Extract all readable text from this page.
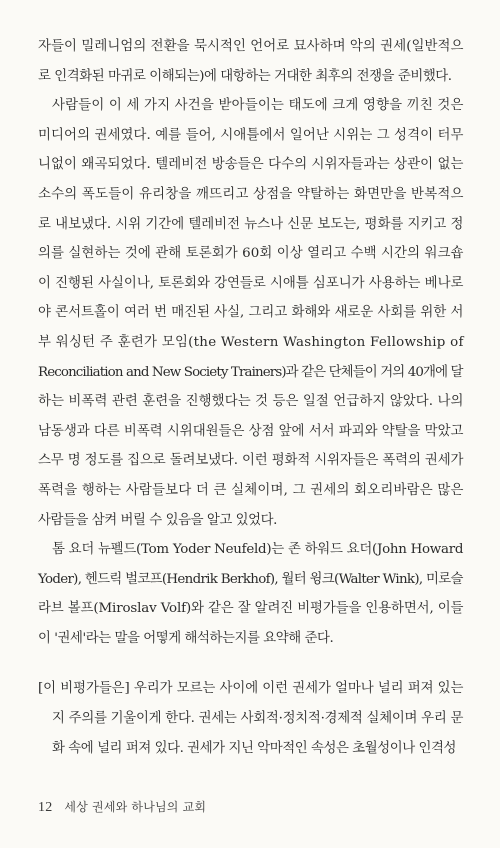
자들이 밀레니엄의 전환을 묵시적인 언어로 묘사하며 악의 권세(일반적으
로 인격화된 마귀로 이해되는)에 대항하는 거대한 최후의 전쟁을 준비했다.
사람들이 이 세 가지 사건을 받아들이는 태도에 크게 영향을 끼친 것은
미디어의 권세였다. 예를 들어, 시애틀에서 일어난 시위는 그 성격이 터무
니없이 왜곡되었다. 텔레비전 방송들은 다수의 시위자들과는 상관이 없는
소수의 폭도들이 유리창을 깨뜨리고 상점을 약탈하는 화면만을 반복적으
로 내보냈다. 시위 기간에 텔레비전 뉴스나 신문 보도는, 평화를 지키고 정
의를 실현하는 것에 관해 토론회가 60회 이상 열리고 수백 시간의 워크숍
이 진행된 사실이나, 토론회와 강연들로 시애틀 심포니가 사용하는 베나로
야 콘서트홀이 여러 번 매진된 사실, 그리고 화해와 새로운 사회를 위한 서
부 워싱턴 주 훈련가 모임(the Western Washington Fellowship of
Reconciliation and New Society Trainers)과 같은 단체들이 거의 40개에 달
하는 비폭력 관련 훈련을 진행했다는 것 등은 일절 언급하지 않았다. 나의
남동생과 다른 비폭력 시위대원들은 상점 앞에 서서 파괴와 약탈을 막았고
스무 명 정도를 집으로 돌려보냈다. 이런 평화적 시위자들은 폭력의 권세가
폭력을 행하는 사람들보다 더 큰 실체이며, 그 권세의 회오리바람은 많은
사람들을 삼켜 버릴 수 있음을 알고 있었다.
톰 요더 뉴펠드(Tom Yoder Neufeld)는 존 하워드 요더(John Howard
Yoder), 헨드릭 벌코프(Hendrik Berkhof), 월터 윙크(Walter Wink), 미로슬
라브 볼프(Miroslav Volf)와 같은 잘 알려진 비평가들을 인용하면서, 이들
이 '권세'라는 말을 어떻게 해석하는지를 요약해 준다.
[이 비평가들은] 우리가 모르는 사이에 이런 권세가 얼마나 널리 퍼져 있는
지 주의를 기울이게 한다. 권세는 사회적·정치적·경제적 실체이며 우리 문
화 속에 널리 퍼져 있다. 권세가 지닌 악마적인 속성은 초월성이나 인격성
12 세상 권세와 하나님의 교회
